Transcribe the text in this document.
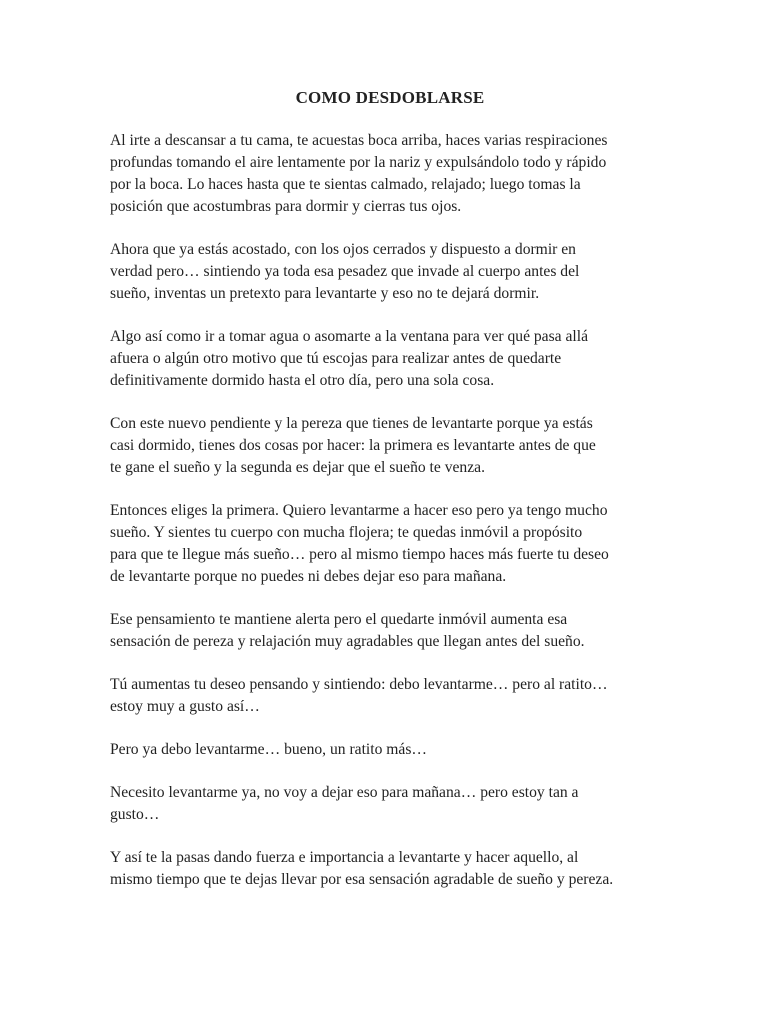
COMO DESDOBLARSE

Al irte a descansar a tu cama, te acuestas boca arriba, haces varias respiraciones
profundas tomando el aire lentamente por la nariz y expulsándolo todo y rápido
por la boca. Lo haces hasta que te sientas calmado, relajado; luego tomas la
posición que acostumbras para dormir y cierras tus ojos.

Ahora que ya estás acostado, con los ojos cerrados y dispuesto a dormir en
verdad pero… sintiendo ya toda esa pesadez que invade al cuerpo antes del
sueño, inventas un pretexto para levantarte y eso no te dejará dormir.

Algo así como ir a tomar agua o asomarte a la ventana para ver qué pasa allá
afuera o algún otro motivo que tú escojas para realizar antes de quedarte
definitivamente dormido hasta el otro día, pero una sola cosa.

Con este nuevo pendiente y la pereza que tienes de levantarte porque ya estás
casi dormido, tienes dos cosas por hacer: la primera es levantarte antes de que
te gane el sueño y la segunda es dejar que el sueño te venza.

Entonces eliges la primera. Quiero levantarme a hacer eso pero ya tengo mucho
sueño. Y sientes tu cuerpo con mucha flojera; te quedas inmóvil a propósito
para que te llegue más sueño… pero al mismo tiempo haces más fuerte tu deseo
de levantarte porque no puedes ni debes dejar eso para mañana.

Ese pensamiento te mantiene alerta pero el quedarte inmóvil aumenta esa
sensación de pereza y relajación muy agradables que llegan antes del sueño.

Tú aumentas tu deseo pensando y sintiendo: debo levantarme… pero al ratito…
estoy muy a gusto así…

Pero ya debo levantarme… bueno, un ratito más…

Necesito levantarme ya, no voy a dejar eso para mañana… pero estoy tan a
gusto…

Y así te la pasas dando fuerza e importancia a levantarte y hacer aquello, al
mismo tiempo que te dejas llevar por esa sensación agradable de sueño y pereza.
